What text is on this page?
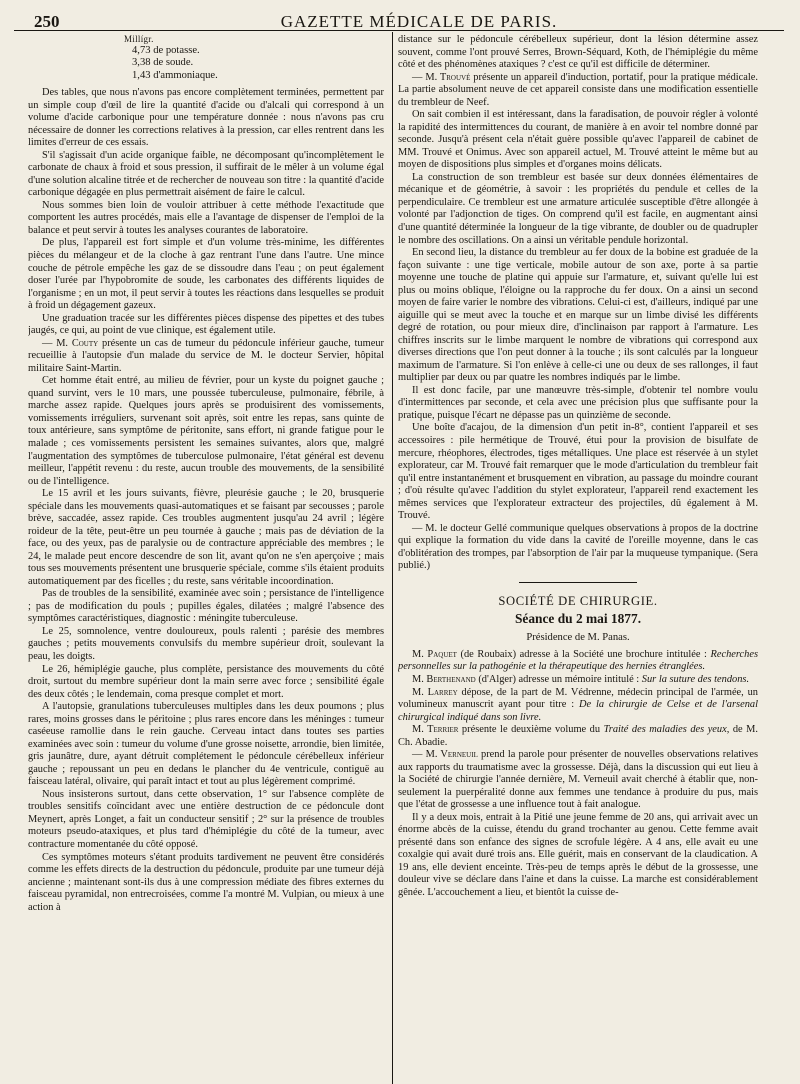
250	GAZETTE MÉDICALE DE PARIS.
Millígr.
4,73 de potasse.
3,38 de soude.
1,43 d'ammoniaque.

Des tables, que nous n'avons pas encore complètement terminées, permettent par un simple coup d'œil de lire la quantité d'acide ou d'alcali qui correspond à un volume d'acide carbonique pour une température donnée : nous n'avons pas cru nécessaire de donner les corrections relatives à la pression, car elles rentrent dans les limites d'erreur de ces essais.

S'il s'agissait d'un acide organique faible, ne décomposant qu'incomplètement le carbonate de chaux à froid et sous pression, il suffirait de le mêler à un volume égal d'une solution alcaline titrée et de rechercher de nouveau son titre : la quantité d'acide carbonique dégagée en plus permettrait aisément de faire le calcul.

Nous sommes bien loin de vouloir attribuer à cette méthode l'exactitude que comportent les autres procédés, mais elle a l'avantage de dispenser de l'emploi de la balance et peut servir à toutes les analyses courantes de laboratoire.

De plus, l'appareil est fort simple et d'un volume très-minime, les différentes pièces du mélangeur et de la cloche à gaz rentrant l'une dans l'autre. Une mince couche de pétrole empêche les gaz de se dissoudre dans l'eau ; on peut également doser l'urée par l'hypobromite de soude, les carbonates des différents liquides de l'organisme ; en un mot, il peut servir à toutes les réactions dans lesquelles se produit à froid un dégagement gazeux.

Une graduation tracée sur les différentes pièces dispense des pipettes et des tubes jaugés, ce qui, au point de vue clinique, est également utile.

— M. Couty présente un cas de tumeur du pédoncule inférieur gauche, tumeur recueillie à l'autopsie d'un malade du service de M. le docteur Servier, hôpital militaire Saint-Martin.

Cet homme était entré, au milieu de février, pour un kyste du poignet gauche ; quand survint, vers le 10 mars, une poussée tuberculeuse, pulmonaire, fébrile, à marche assez rapide. Quelques jours après se produisirent des vomissements, vomissements irréguliers, survenant soit après, soit entre les repas, sans quinte de toux antérieure, sans symptôme de péritonite, sans effort, ni grande fatigue pour le malade ; ces vomissements persistent les semaines suivantes, alors que, malgré l'augmentation des symptômes de tuberculose pulmonaire, l'état général est devenu meilleur, l'appétit revenu : du reste, aucun trouble des mouvements, de la sensibilité ou de l'intelligence.

Le 15 avril et les jours suivants, fièvre, pleurésie gauche ; le 20, brusquerie spéciale dans les mouvements quasi-automatiques et se faisant par secousses ; parole brève, saccadée, assez rapide. Ces troubles augmentent jusqu'au 24 avril ; légère roideur de la tête, peut-être un peu tournée à gauche ; mais pas de déviation de la face, ou des yeux, pas de paralysie ou de contracture appréciable des membres ; le 24, le malade peut encore descendre de son lit, avant qu'on ne s'en aperçoive ; mais tous ses mouvements présentent une brusquerie spéciale, comme s'ils étaient produits automatiquement par des ficelles ; du reste, sans véritable incoordination.

Pas de troubles de la sensibilité, examinée avec soin ; persistance de l'intelligence ; pas de modification du pouls ; pupilles égales, dilatées ; malgré l'absence des symptômes caractéristiques, diagnostic : méningite tuberculeuse.

Le 25, somnolence, ventre douloureux, pouls ralenti ; parésie des membres gauches ; petits mouvements convulsifs du membre supérieur droit, soulevant la peau, les doigts.

Le 26, hémiplégie gauche, plus complète, persistance des mouvements du côté droit, surtout du membre supérieur dont la main serre avec force ; sensibilité égale des deux côtés ; le lendemain, coma presque complet et mort.

A l'autopsie, granulations tuberculeuses multiples dans les deux poumons ; plus rares, moins grosses dans le péritoine ; plus rares encore dans les méninges : tumeur caséeuse ramollie dans le rein gauche. Cerveau intact dans toutes ses parties examinées avec soin : tumeur du volume d'une grosse noisette, arrondie, bien limitée, gris jaunâtre, dure, ayant détruit complétement le pédoncule cérébelleux inférieur gauche ; repoussant un peu en dedans le plancher du 4e ventricule, contiguë au faisceau latéral, olivaire, qui paraît intact et tout au plus légèrement comprimé.

Nous insisterons surtout, dans cette observation, 1° sur l'absence complète de troubles sensitifs coïncidant avec une entière destruction de ce pédoncule dont Meynert, après Longet, a fait un conducteur sensitif ; 2° sur la présence de troubles moteurs pseudo-ataxiques, et plus tard d'hémiplégie du côté de la tumeur, avec contracture momentanée du côté opposé.

Ces symptômes moteurs s'étant produits tardivement ne peuvent être considérés comme les effets directs de la destruction du pédoncule, produite par une tumeur déjà ancienne ; maintenant sont-ils dus à une compression médiate des fibres externes du faisceau pyramidal, non entrecroisées, comme l'a montré M. Vulpian, ou mieux à une action à

distance sur le pédoncule cérébelleux supérieur, dont la lésion détermine assez souvent, comme l'ont prouvé Serres, Brown-Séquard, Koth, de l'hémiplégie du même côté et des phénomènes ataxiques ? c'est ce qu'il est difficile de déterminer.

— M. Trouvé présente un appareil d'induction, portatif, pour la pratique médicale. La partie absolument neuve de cet appareil consiste dans une modification essentielle du trembleur de Neef.

On sait combien il est intéressant, dans la faradisation, de pouvoir régler à volonté la rapidité des intermittences du courant, de manière à en avoir tel nombre donné par seconde. Jusqu'à présent cela n'était guère possible qu'avec l'appareil de cabinet de MM. Trouvé et Onimus. Avec son appareil actuel, M. Trouvé atteint le même but au moyen de dispositions plus simples et d'organes moins délicats.

La construction de son trembleur est basée sur deux données élémentaires de mécanique et de géométrie, à savoir : les propriétés du pendule et celles de la perpendiculaire. Ce trembleur est une armature articulée susceptible d'être allongée à volonté par l'adjonction de tiges. On comprend qu'il est facile, en augmentant ainsi d'une quantité déterminée la longueur de la tige vibrante, de doubler ou de quadrupler le nombre des oscillations. On a ainsi un véritable pendule horizontal.

En second lieu, la distance du trembleur au fer doux de la bobine est graduée de la façon suivante : une tige verticale, mobile autour de son axe, porte à sa partie moyenne une touche de platine qui appuie sur l'armature, et, suivant qu'elle lui est plus ou moins oblique, l'éloigne ou la rapproche du fer doux. On a ainsi un second moyen de faire varier le nombre des vibrations. Celui-ci est, d'ailleurs, indiqué par une aiguille qui se meut avec la touche et en marque sur un limbe divisé les différents degré de rotation, ou pour mieux dire, d'inclinaison par rapport à l'armature. Les chiffres inscrits sur le limbe marquent le nombre de vibrations qui correspond aux diverses directions que l'on peut donner à la touche ; ils sont calculés par la longueur maximum de l'armature. Si l'on enlève à celle-ci une ou deux de ses rallonges, il faut multiplier par deux ou par quatre les nombres indiqués par le limbe.

Il est donc facile, par une manœuvre très-simple, d'obtenir tel nombre voulu d'intermittences par seconde, et cela avec une précision plus que suffisante pour la pratique, puisque l'écart ne dépasse pas un quinzième de seconde.

Une boîte d'acajou, de la dimension d'un petit in-8°, contient l'appareil et ses accessoires : pile hermétique de Trouvé, étui pour la provision de bisulfate de mercure, rhéophores, électrodes, tiges métalliques. Une place est réservée à un stylet explorateur, car M. Trouvé fait remarquer que le mode d'articulation du trembleur fait qu'il entre instantanément et brusquement en vibration, au passage du moindre courant ; d'où résulte qu'avec l'addition du stylet explorateur, l'appareil rend exactement les mêmes services que l'explorateur extracteur des projectiles, dû également à M. Trouvé.

— M. le docteur Gellé communique quelques observations à propos de la doctrine qui explique la formation du vide dans la cavité de l'oreille moyenne, dans le cas d'oblitération des trompes, par l'absorption de l'air par la muqueuse tympanique. (Sera publié.)

SOCIÉTÉ DE CHIRURGIE.

Séance du 2 mai 1877.
Présidence de M. Panas.

M. Paquet (de Roubaix) adresse à la Société une brochure intitulée : Recherches personnelles sur la pathogénie et la thérapeutique des hernies étranglées.

M. Berthenand (d'Alger) adresse un mémoire intitulé : Sur la suture des tendons.

M. Larrey dépose, de la part de M. Védrenne, médecin principal de l'armée, un volumineux manuscrit ayant pour titre : De la chirurgie de Celse et de l'arsenal chirurgical indiqué dans son livre.

M. Terrier présente le deuxième volume du Traité des maladies des yeux, de M. Ch. Abadie.

— M. Verneuil prend la parole pour présenter de nouvelles observations relatives aux rapports du traumatisme avec la grossesse. Déjà, dans la discussion qui eut lieu à la Société de chirurgie l'année dernière, M. Verneuil avait cherché à établir que, non-seulement la puerpéralité donne aux femmes une tendance à produire du pus, mais que l'état de grossesse a une influence tout à fait analogue.

Il y a deux mois, entrait à la Pitié une jeune femme de 20 ans, qui arrivait avec un énorme abcès de la cuisse, étendu du grand trochanter au genou. Cette femme avait présenté dans son enfance des signes de scrofule légère. A 4 ans, elle avait eu une coxalgie qui avait duré trois ans. Elle guérit, mais en conservant de la claudication. A 19 ans, elle devient enceinte. Très-peu de temps après le début de la grossesse, une douleur vive se déclare dans l'aine et dans la cuisse. La marche est considérablement gênée. L'accouchement a lieu, et bientôt la cuisse de-
